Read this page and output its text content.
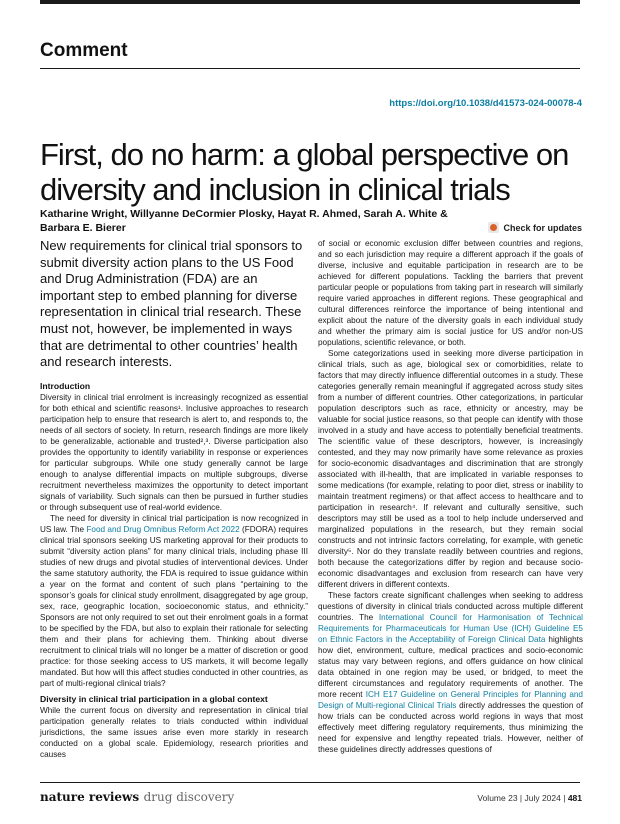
Comment
https://doi.org/10.1038/d41573-024-00078-4
First, do no harm: a global perspective on diversity and inclusion in clinical trials
Katharine Wright, Willyanne DeCormier Plosky, Hayat R. Ahmed, Sarah A. White & Barbara E. Bierer	Check for updates

New requirements for clinical trial sponsors to submit diversity action plans to the US Food and Drug Administration (FDA) are an important step to embed planning for diverse representation in clinical trial research. These must not, however, be implemented in ways that are detrimental to other countries’ health and research interests.

Introduction

Diversity in clinical trial enrolment is increasingly recognized as essential for both ethical and scientific reasons¹. Inclusive approaches to research participation help to ensure that research is alert to, and responds to, the needs of all sectors of society. In return, research findings are more likely to be generalizable, actionable and trusted²,³. Diverse participation also provides the opportunity to identify variability in response or experiences for particular subgroups. While one study generally cannot be large enough to analyse differential impacts on multiple subgroups, diverse recruitment nevertheless maximizes the opportunity to detect important signals of variability. Such signals can then be pursued in further studies or through subsequent use of real-world evidence.

The need for diversity in clinical trial participation is now recognized in US law. The Food and Drug Omnibus Reform Act 2022 (FDORA) requires clinical trial sponsors seeking US marketing approval for their products to submit “diversity action plans” for many clinical trials, including phase III studies of new drugs and pivotal studies of interventional devices. Under the same statutory authority, the FDA is required to issue guidance within a year on the format and content of such plans “pertaining to the sponsor’s goals for clinical study enrollment, disaggregated by age group, sex, race, geographic location, socioeconomic status, and ethnicity.” Sponsors are not only required to set out their enrolment goals in a format to be specified by the FDA, but also to explain their rationale for selecting them and their plans for achieving them. Thinking about diverse recruitment to clinical trials will no longer be a matter of discretion or good practice: for those seeking access to US markets, it will become legally mandated. But how will this affect studies conducted in other countries, as part of multi-regional clinical trials?

Diversity in clinical trial participation in a global context

While the current focus on diversity and representation in clinical trial participation generally relates to trials conducted within individual jurisdictions, the same issues arise even more starkly in research conducted on a global scale. Epidemiology, research priorities and causes

of social or economic exclusion differ between countries and regions, and so each jurisdiction may require a different approach if the goals of diverse, inclusive and equitable participation in research are to be achieved for different populations. Tackling the barriers that prevent particular people or populations from taking part in research will similarly require varied approaches in different regions. These geographical and cultural differences reinforce the importance of being intentional and explicit about the nature of the diversity goals in each individual study and whether the primary aim is social justice for US and/or non-US populations, scientific relevance, or both.

Some categorizations used in seeking more diverse participation in clinical trials, such as age, biological sex or comorbidities, relate to factors that may directly influence differential outcomes in a study. These categories generally remain meaningful if aggregated across study sites from a number of different countries. Other categorizations, in particular population descriptors such as race, ethnicity or ancestry, may be valuable for social justice reasons, so that people can identify with those involved in a study and have access to potentially beneficial treatments. The scientific value of these descriptors, however, is increasingly contested, and they may now primarily have some relevance as proxies for socio-economic disadvantages and discrimination that are strongly associated with ill-health, that are implicated in variable responses to some medications (for example, relating to poor diet, stress or inability to maintain treatment regimens) or that affect access to healthcare and to participation in research⁴. If relevant and culturally sensitive, such descriptors may still be used as a tool to help include underserved and marginalized populations in the research, but they remain social constructs and not intrinsic factors correlating, for example, with genetic diversity⁵. Nor do they translate readily between countries and regions, both because the categorizations differ by region and because socio-economic disadvantages and exclusion from research can have very different drivers in different contexts.

These factors create significant challenges when seeking to address questions of diversity in clinical trials conducted across multiple different countries. The International Council for Harmonisation of Technical Requirements for Pharmaceuticals for Human Use (ICH) Guideline E5 on Ethnic Factors in the Acceptability of Foreign Clinical Data highlights how diet, environment, culture, medical practices and socio-economic status may vary between regions, and offers guidance on how clinical data obtained in one region may be used, or bridged, to meet the different circumstances and regulatory requirements of another. The more recent ICH E17 Guideline on General Principles for Planning and Design of Multi-regional Clinical Trials directly addresses the question of how trials can be conducted across world regions in ways that most effectively meet differing regulatory requirements, thus minimizing the need for expensive and lengthy repeated trials. However, neither of these guidelines directly addresses questions of

nature reviews drug discovery	Volume 23 | July 2024 | 481
